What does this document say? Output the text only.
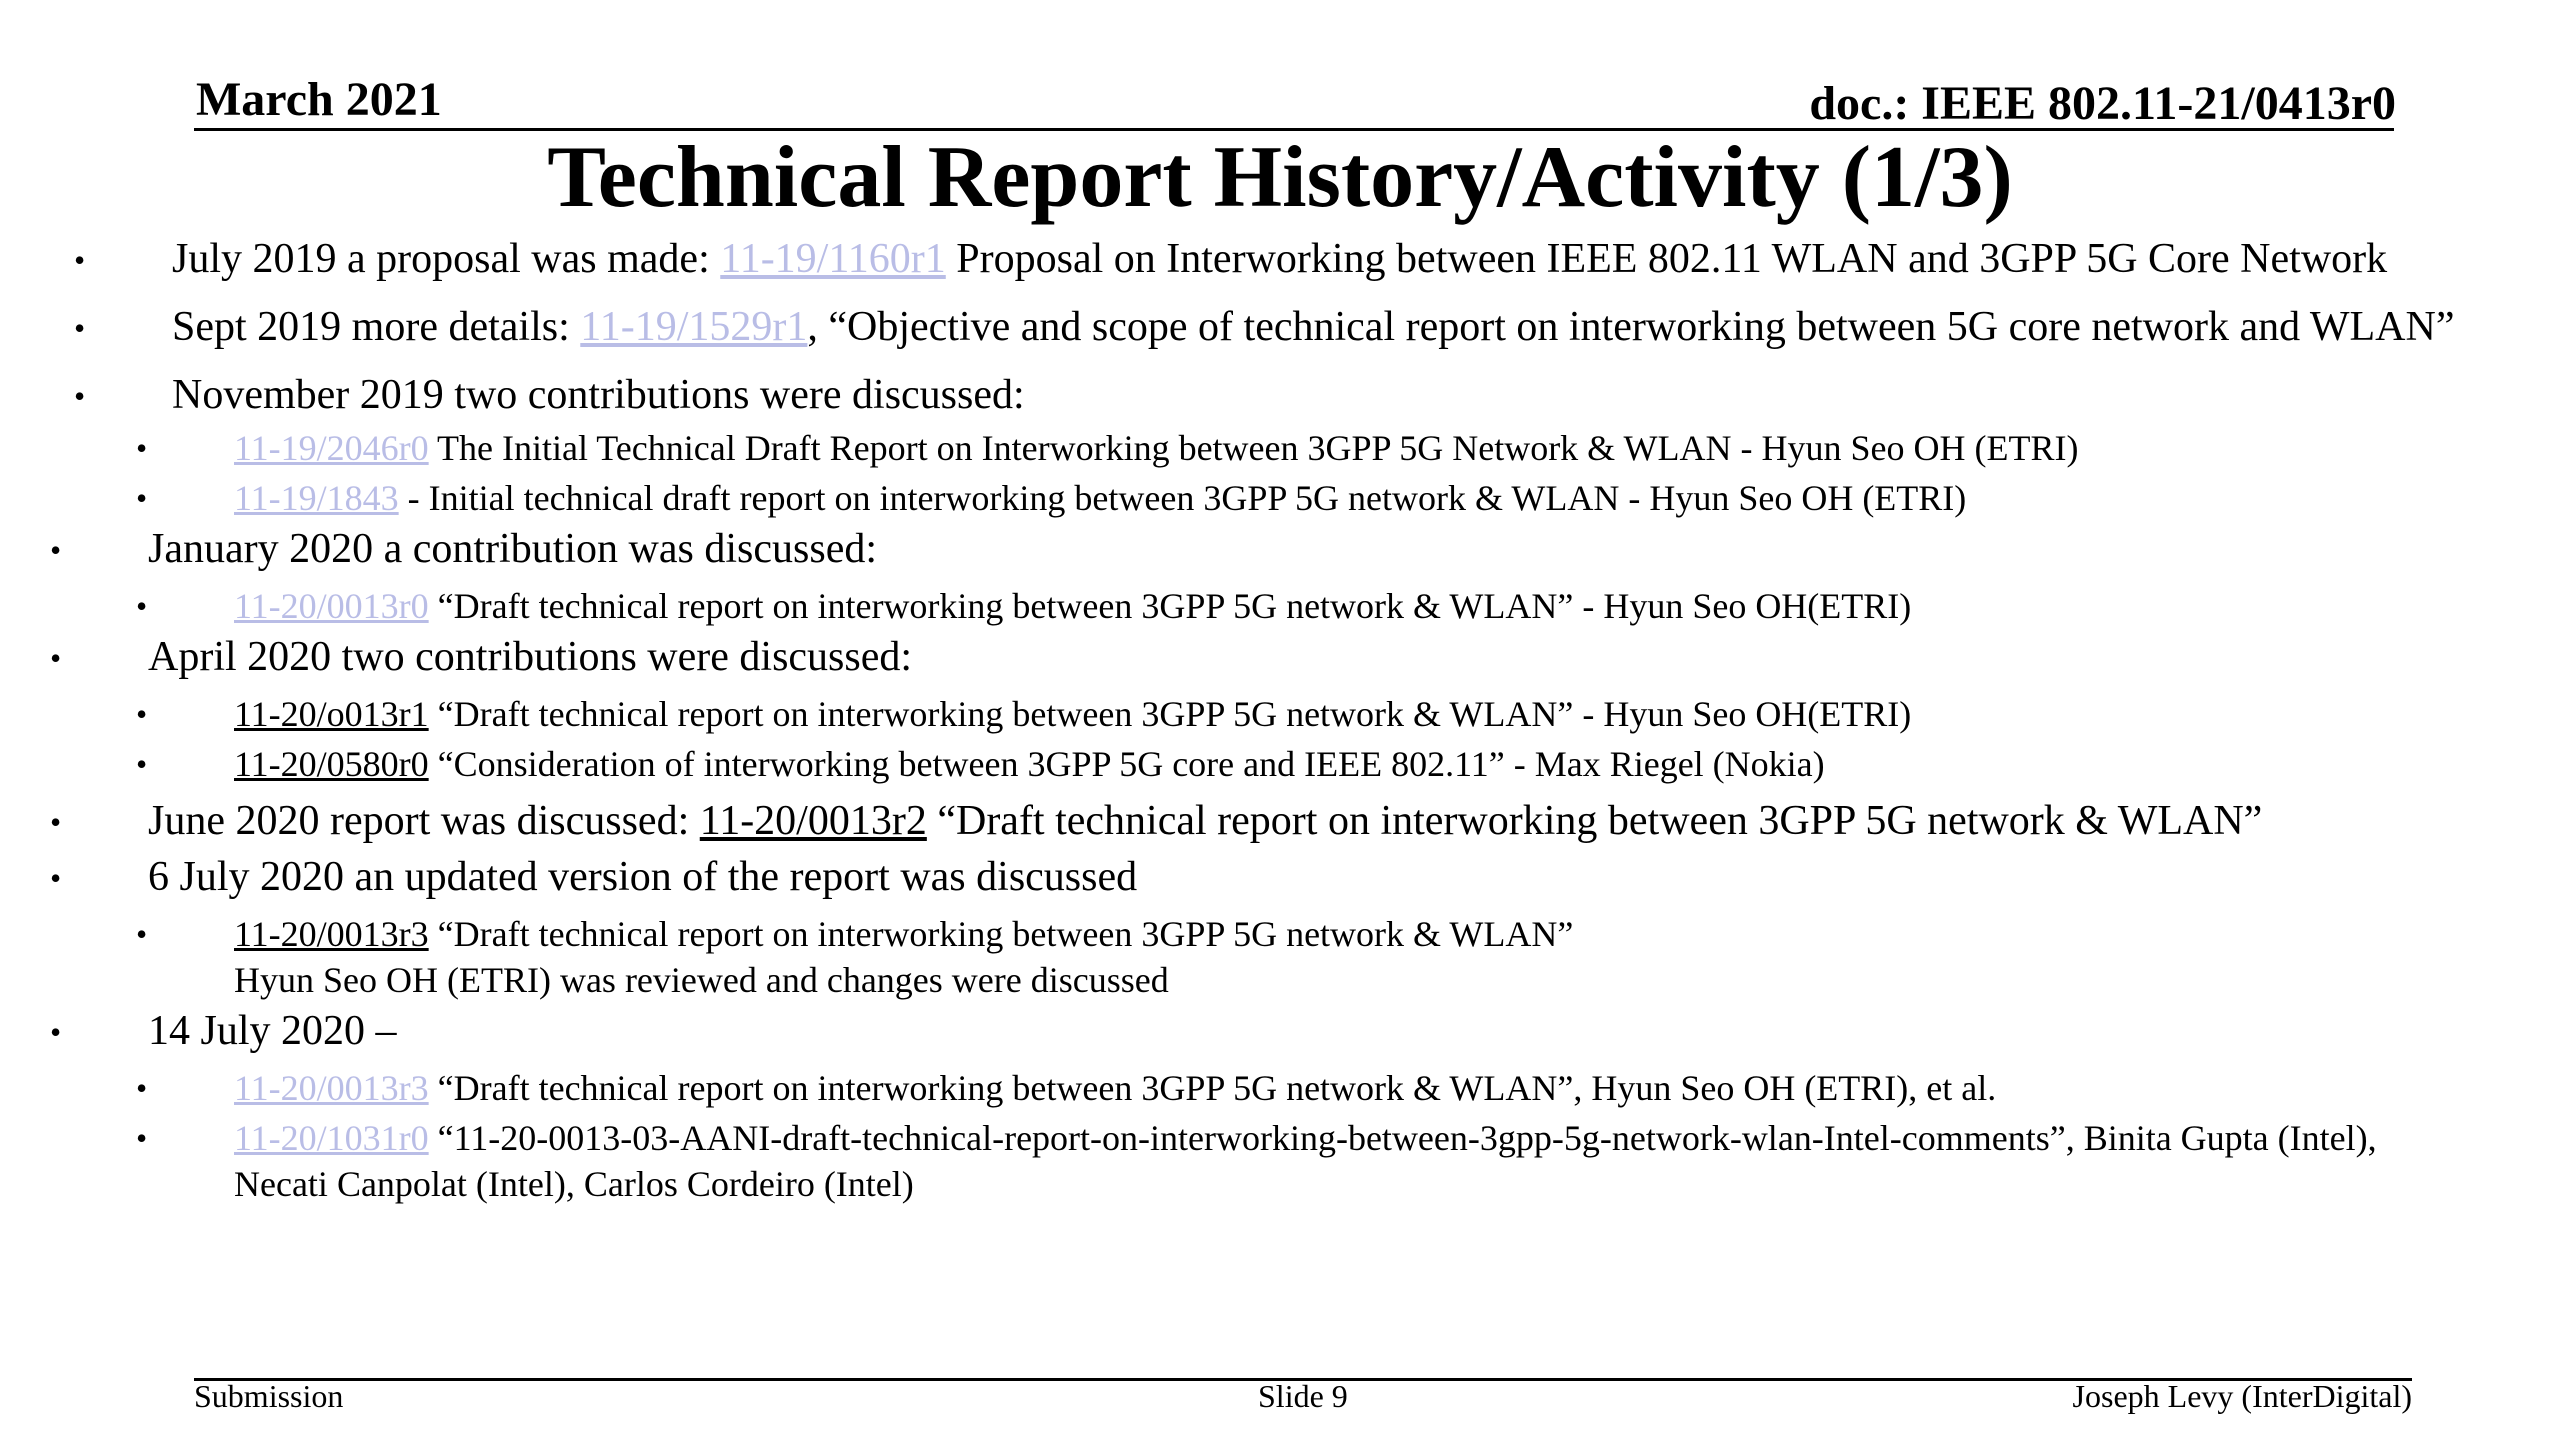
March 2021	doc.: IEEE 802.11-21/0413r0
Technical Report History/Activity (1/3)
• July 2019 a proposal was made: 11-19/1160r1 Proposal on Interworking between IEEE 802.11 WLAN and 3GPP 5G Core Network
• Sept 2019 more details: 11-19/1529r1, “Objective and scope of technical report on interworking between 5G core network and WLAN”
• November 2019 two contributions were discussed:
• 11-19/2046r0 The Initial Technical Draft Report on Interworking between 3GPP 5G Network & WLAN - Hyun Seo OH (ETRI)
• 11-19/1843 - Initial technical draft report on interworking between 3GPP 5G network & WLAN - Hyun Seo OH (ETRI)
• January 2020 a contribution was discussed:
• 11-20/0013r0 “Draft technical report on interworking between 3GPP 5G network & WLAN” - Hyun Seo OH(ETRI)
• April 2020 two contributions were discussed:
• 11-20/o013r1 “Draft technical report on interworking between 3GPP 5G network & WLAN” - Hyun Seo OH(ETRI)
• 11-20/0580r0 “Consideration of interworking between 3GPP 5G core and IEEE 802.11” - Max Riegel (Nokia)
• June 2020 report was discussed: 11-20/0013r2 “Draft technical report on interworking between 3GPP 5G network & WLAN”
• 6 July 2020 an updated version of the report was discussed
• 11-20/0013r3 “Draft technical report on interworking between 3GPP 5G network & WLAN”
Hyun Seo OH (ETRI) was reviewed and changes were discussed
• 14 July 2020 –
• 11-20/0013r3 “Draft technical report on interworking between 3GPP 5G network & WLAN”, Hyun Seo OH (ETRI), et al.
• 11-20/1031r0 “11-20-0013-03-AANI-draft-technical-report-on-interworking-between-3gpp-5g-network-wlan-Intel-comments”, Binita Gupta (Intel),
Necati Canpolat (Intel), Carlos Cordeiro (Intel)
Submission	Slide 9	Joseph Levy (InterDigital)
